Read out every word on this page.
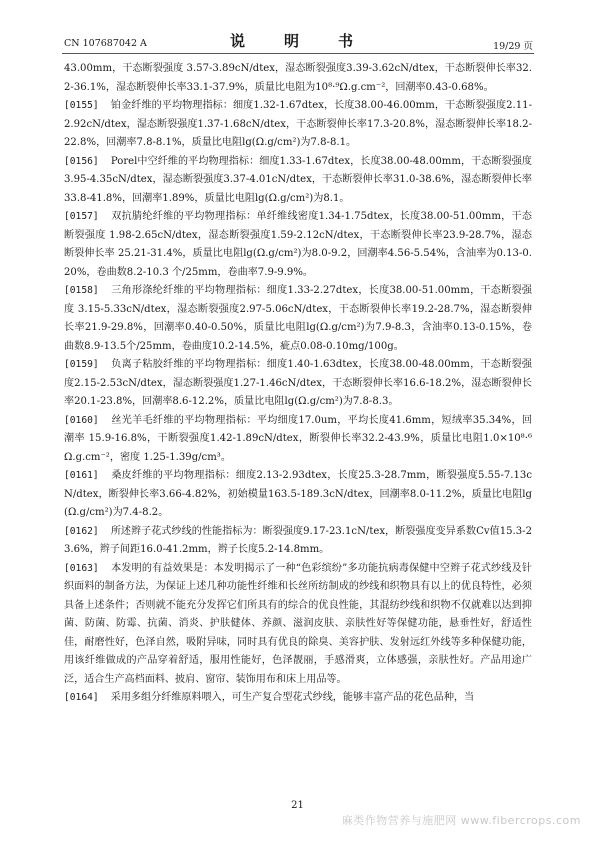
CN 107687042 A	说　明　书	19/29 页

43.00mm，干态断裂强度 3.57-3.89cN/dtex，湿态断裂强度3.39-3.62cN/dtex，干态断裂伸长率32.2-36.1%，湿态断裂伸长率33.1-37.9%，质量比电阻为10⁸·⁹Ω.g.cm⁻²，回潮率0.43-0.68%。

[0155]　 铂金纤维的平均物理指标：细度1.32-1.67dtex，长度38.00-46.00mm，干态断裂强度2.11-2.92cN/dtex，湿态断裂强度1.37-1.68cN/dtex，干态断裂伸长率17.3-20.8%，湿态断裂伸长率18.2-22.8%，回潮率7.8-8.1%，质量比电阻lg(Ω.g/cm²)为7.8-8.1。

[0156]　 Porel中空纤维的平均物理指标：细度1.33-1.67dtex，长度38.00-48.00mm，干态断裂强度 3.95-4.35cN/dtex，湿态断裂强度3.37-4.01cN/dtex，干态断裂伸长率31.0-38.6%，湿态断裂伸长率33.8-41.8%，回潮率1.89%，质量比电阻lg(Ω.g/cm²)为8.1。

[0157]　 双抗腈纶纤维的平均物理指标：单纤维线密度1.34-1.75dtex，长度38.00-51.00mm，干态断裂强度 1.98-2.65cN/dtex，湿态断裂强度1.59-2.12cN/dtex，干态断裂伸长率23.9-28.7%，湿态断裂伸长率 25.21-31.4%，质量比电阻lg(Ω.g/cm²)为8.0-9.2，回潮率4.56-5.54%，含油率为0.13-0.20%，卷曲数8.2-10.3 个/25mm，卷曲率7.9-9.9%。

[0158]　 三角形涤纶纤维的平均物理指标：细度1.33-2.27dtex，长度38.00-51.00mm，干态断裂强度 3.15-5.33cN/dtex，湿态断裂强度2.97-5.06cN/dtex，干态断裂伸长率19.2-28.7%，湿态断裂伸长率21.9-29.8%，回潮率0.40-0.50%，质量比电阻lg(Ω.g/cm²)为7.9-8.3，含油率0.13-0.15%，卷曲数8.9-13.5个/25mm，卷曲度10.2-14.5%，疵点0.08-0.10mg/100g。

[0159]　 负离子粘胶纤维的平均物理指标：细度1.40-1.63dtex，长度38.00-48.00mm，干态断裂强度2.15-2.53cN/dtex，湿态断裂强度1.27-1.46cN/dtex，干态断裂伸长率16.6-18.2%，湿态断裂伸长率20.1-23.8%，回潮率8.6-12.2%，质量比电阻lg(Ω.g/cm²)为7.8-8.3。

[0160]　 丝光羊毛纤维的平均物理指标：平均细度17.0um，平均长度41.6mm，短绒率35.34%，回潮率 15.9-16.8%，干断裂强度1.42-1.89cN/dtex，断裂伸长率32.2-43.9%，质量比电阻1.0×10⁸·⁶Ω.g.cm⁻²，密度 1.25-1.39g/cm³。

[0161]　 桑皮纤维的平均物理指标：细度2.13-2.93dtex，长度25.3-28.7mm，断裂强度5.55-7.13cN/dtex，断裂伸长率3.66-4.82%，初始模量163.5-189.3cN/dtex，回潮率8.0-11.2%，质量比电阻lg(Ω.g/cm²)为7.4-8.2。

[0162]　 所述辫子花式纱线的性能指标为：断裂强度9.17-23.1cN/tex，断裂强度变异系数Cv值15.3-23.6%，辫子间距16.0-41.2mm，辫子长度5.2-14.8mm。

[0163]　 本发明的有益效果是：本发明揭示了一种“色彩缤纷”多功能抗病毒保健中空辫子花式纱线及针织面料的制备方法，为保证上述几种功能性纤维和长丝所纺制成的纱线和织物具有以上的优良特性，必须具备上述条件；否则就不能充分发挥它们所具有的综合的优良性能，其混纺纱线和织物不仅就难以达到抑菌、防菌、防霉、抗菌、消炎、护肤健体、养颜、滋润皮肤、亲肤性好等保健功能，悬垂性好，舒适性佳，耐磨性好，色泽自然，吸附异味，同时具有优良的除臭、美容护肤、发射远红外线等多种保健功能，用该纤维做成的产品穿着舒适，服用性能好，色泽靓丽，手感滑爽，立体感强，亲肤性好。产品用途广泛，适合生产高档面料、披肩、窗帘、装饰用布和床上用品等。

[0164]　 采用多组分纤维原料喂入，可生产复合型花式纱线，能够丰富产品的花色品种，当

21
麻类作物营养与施肥网 www.fibercrops.com
